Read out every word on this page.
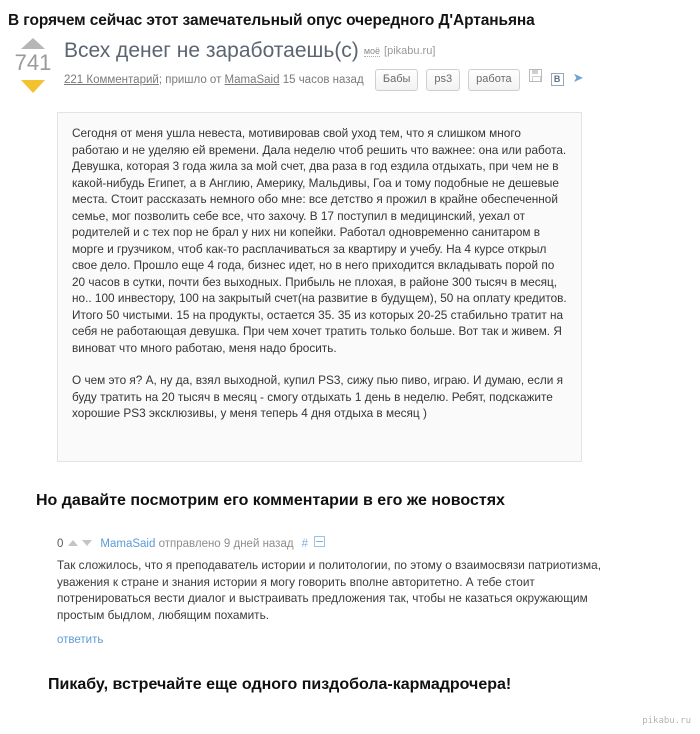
В горячем сейчас этот замечательный опус очередного Д'Артаньяна
741 Всех денег не заработаешь(с) моё [pikabu.ru]
221 Комментарий; пришло от MamaSaid 15 часов назад Бабы ps3 работа	В ➤

Сегодня от меня ушла невеста, мотивировав свой уход тем, что я слишком много работаю и не уделяю ей времени. Дала неделю чтоб решить что важнее: она или работа. Девушка, которая 3 года жила за мой счет, два раза в год ездила отдыхать, при чем не в какой-нибудь Египет, а в Англию, Америку, Мальдивы, Гоа и тому подобные не дешевые места. Стоит рассказать немного обо мне: все детство я прожил в крайне обеспеченной семье, мог позволить себе все, что захочу. В 17 поступил в медицинский, уехал от родителей и с тех пор не брал у них ни копейки. Работал одновременно санитаром в морге и грузчиком, чтоб как-то расплачиваться за квартиру и учебу. На 4 курсе открыл свое дело. Прошло еще 4 года, бизнес идет, но в него приходится вкладывать порой по 20 часов в сутки, почти без выходных. Прибыль не плохая, в районе 300 тысяч в месяц, но.. 100 инвестору, 100 на закрытый счет(на развитие в будущем), 50 на оплату кредитов. Итого 50 чистыми. 15 на продукты, остается 35. 35 из которых 20-25 стабильно тратит на себя не работающая девушка. При чем хочет тратить только больше. Вот так и живем. Я виноват что много работаю, меня надо бросить.

О чем это я? А, ну да, взял выходной, купил PS3, сижу пью пиво, играю. И думаю, если я буду тратить на 20 тысяч в месяц - смогу отдыхать 1 день в неделю. Ребят, подскажите хорошие PS3 эксклюзивы, у меня теперь 4 дня отдыха в месяц )

Но давайте посмотрим его комментарии в его же новостях
0	MamaSaid отправлено 9 дней назад #
Так сложилось, что я преподаватель истории и политологии, по этому о взаимосвязи патриотизма, уважения к стране и знания истории я могу говорить вполне авторитетно. А тебе стоит потренироваться вести диалог и выстраивать предложения так, чтобы не казаться окружающим простым быдлом, любящим похамить.
ответить
Пикабу, встречайте еще одного пиздобола-кармадрочера!
pikabu.ru
